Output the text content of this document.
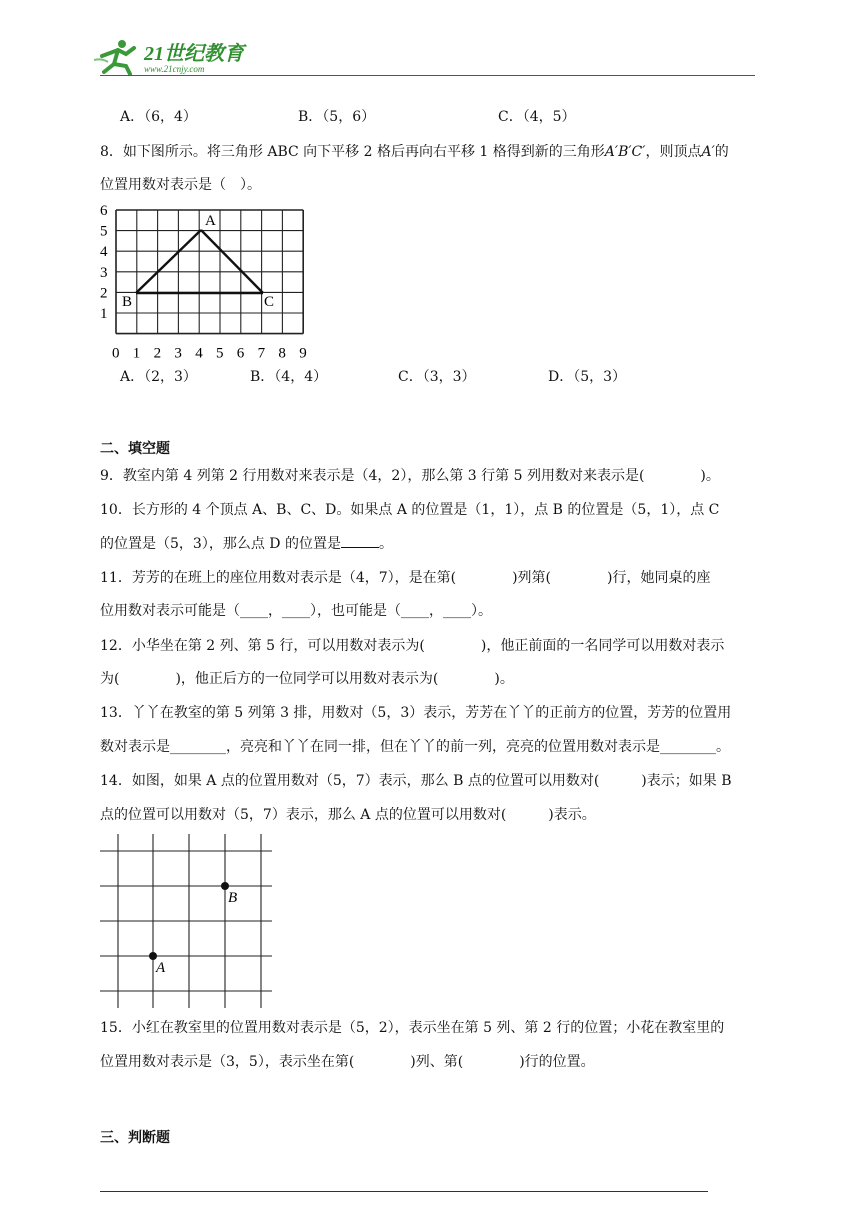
21世纪教育
www.21cnjy.com
A．（6，4）	B．（5，6）	C．（4，5）
8．如下图所示。将三角形 ABC 向下平移 2 格后再向右平移 1 格得到新的三角形A′B′C′，则顶点A′的
位置用数对表示是（　）。
A
B	C
0 1 2 3 4 5 6 7 8 9
1
2
3
4
5
6
A．（2，3）	B．（4，4）	C．（3，3）	D．（5，3）
二、填空题
9．教室内第 4 列第 2 行用数对来表示是（4，2），那么第 3 行第 5 列用数对来表示是(　　　　)。
10．长方形的 4 个顶点 A、B、C、D。如果点 A 的位置是（1，1），点 B 的位置是（5，1），点 C
的位置是（5，3），那么点 D 的位置是	。
11．芳芳的在班上的座位用数对表示是（4，7），是在第(　　　　)列第(　　　　)行，她同桌的座
位用数对表示可能是（____，____），也可能是（____，____）。
12．小华坐在第 2 列、第 5 行，可以用数对表示为(　　　　)，他正前面的一名同学可以用数对表示
为(　　　　)，他正后方的一位同学可以用数对表示为(　　　　)。
13．丫丫在教室的第 5 列第 3 排，用数对（5，3）表示，芳芳在丫丫的正前方的位置，芳芳的位置用
数对表示是________，亮亮和丫丫在同一排，但在丫丫的前一列，亮亮的位置用数对表示是________。
14．如图，如果 A 点的位置用数对（5，7）表示，那么 B 点的位置可以用数对(　　　)表示；如果 B
点的位置可以用数对（5，7）表示，那么 A 点的位置可以用数对(　　　)表示。
A
B
15．小红在教室里的位置用数对表示是（5，2），表示坐在第 5 列、第 2 行的位置；小花在教室里的
位置用数对表示是（3，5），表示坐在第(　　　　)列、第(　　　　)行的位置。
三、判断题
